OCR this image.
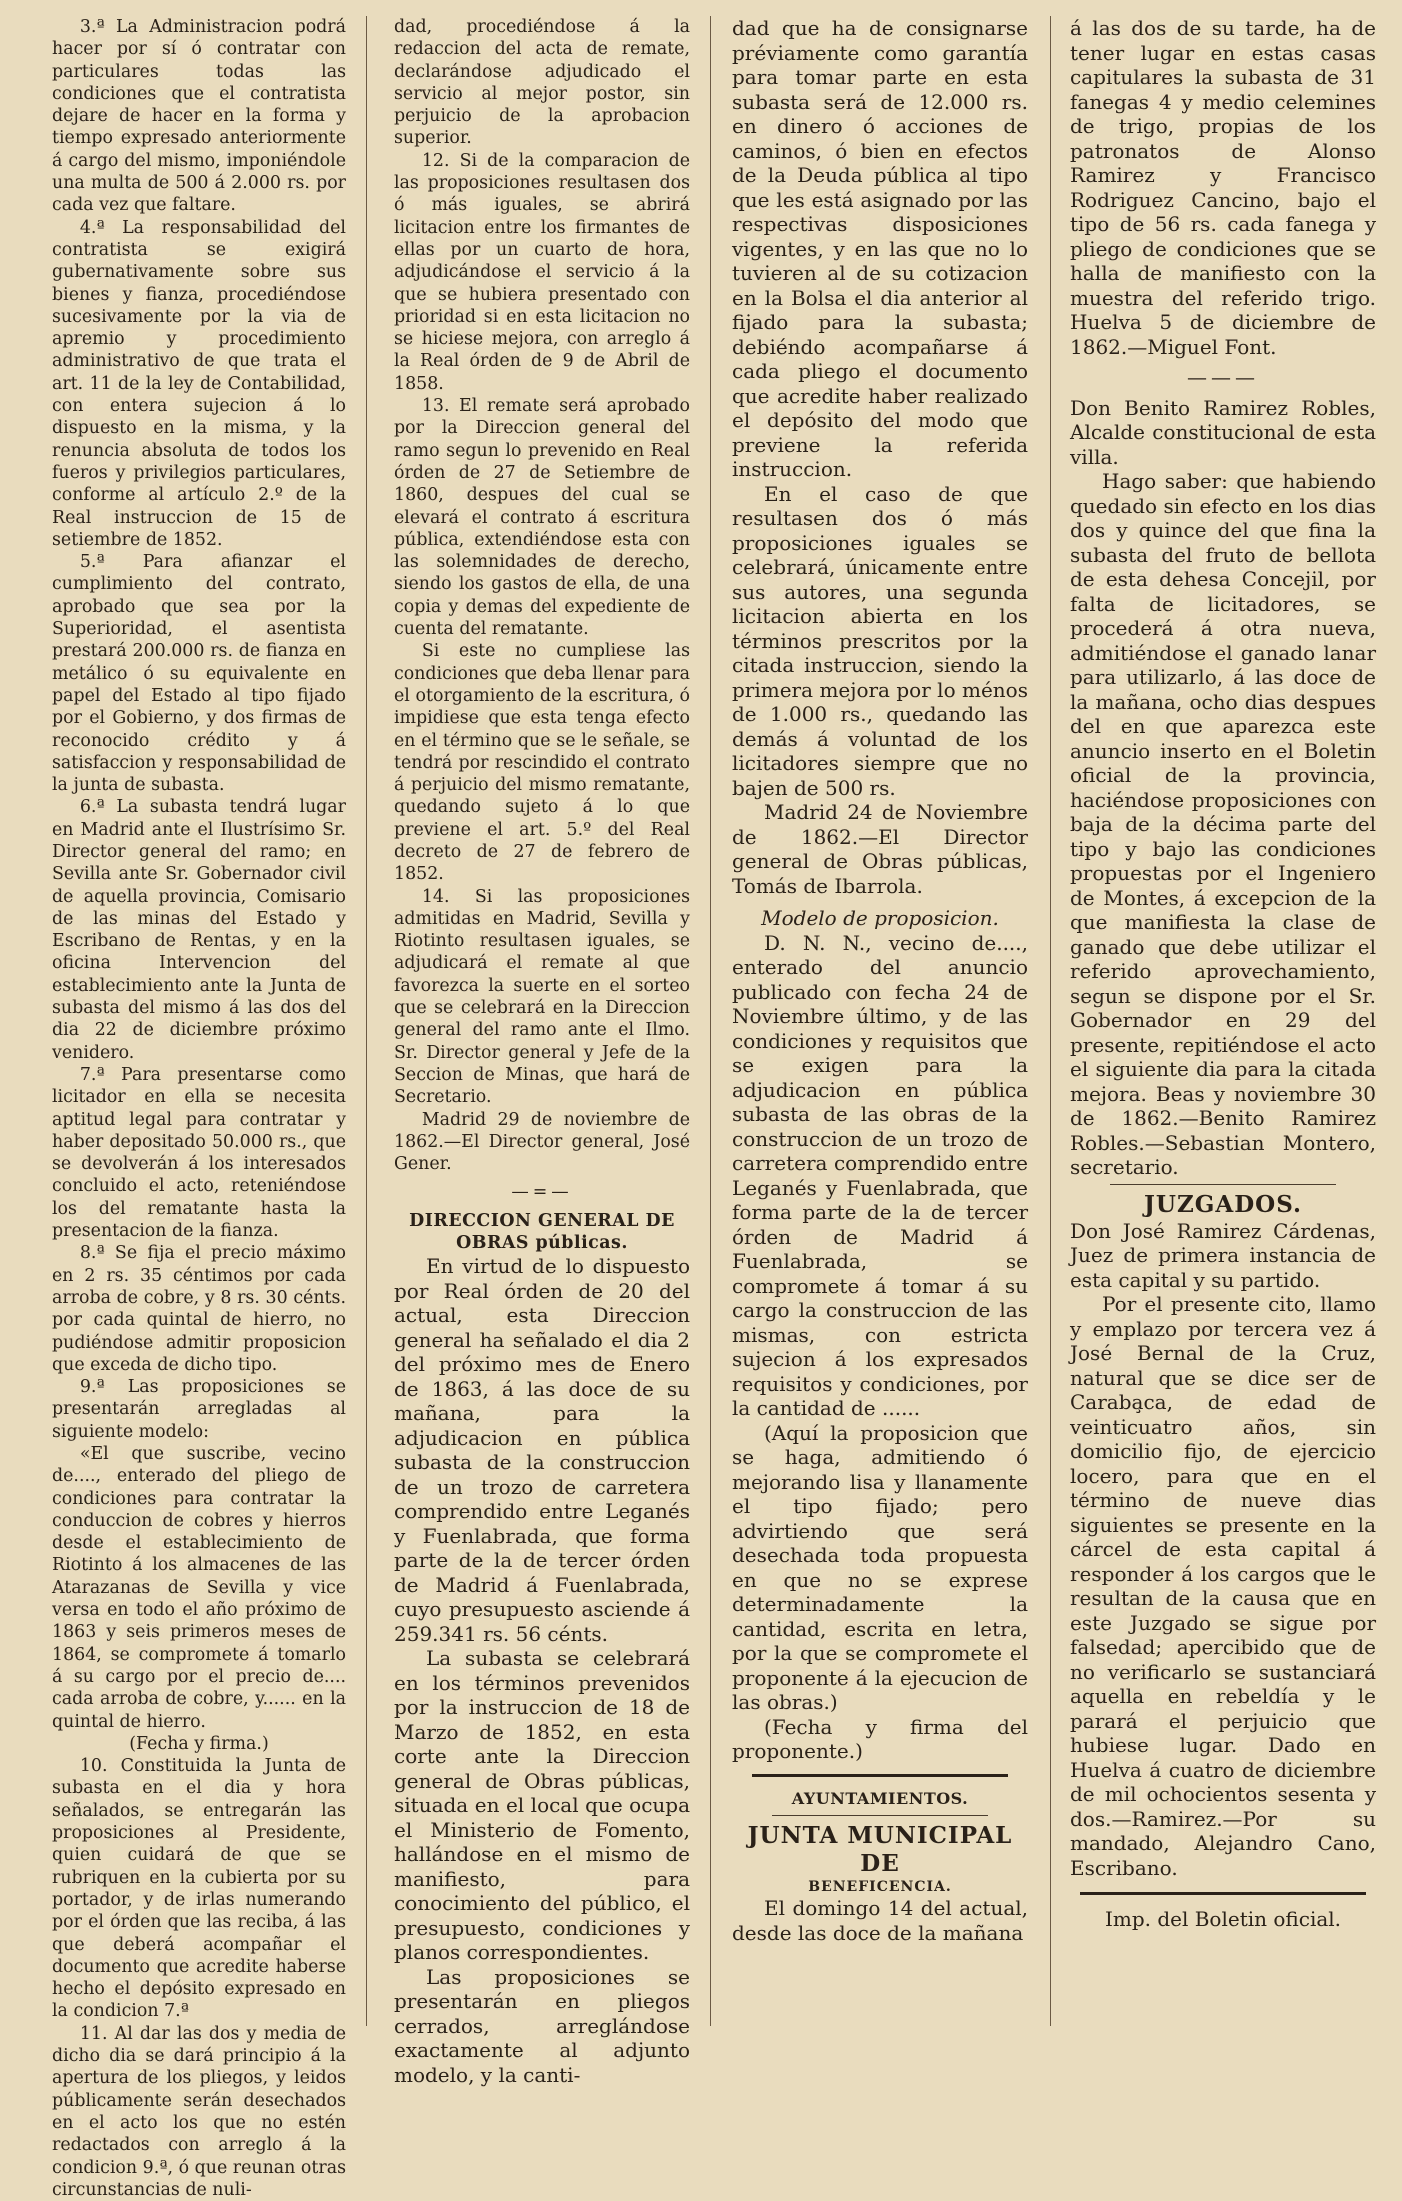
3.ª La Administracion podrá hacer por sí ó contratar con particulares todas las condiciones que el contratista dejare de hacer en la forma y tiempo expresado anteriormente á cargo del mismo, imponiéndole una multa de 500 á 2.000 rs. por cada vez que faltare.

4.ª La responsabilidad del contratista se exigirá gubernativamente sobre sus bienes y fianza, procediéndose sucesivamente por la via de apremio y procedimiento administrativo de que trata el art. 11 de la ley de Contabilidad, con entera sujecion á lo dispuesto en la misma, y la renuncia absoluta de todos los fueros y privilegios particulares, conforme al artículo 2.º de la Real instruccion de 15 de setiembre de 1852.

5.ª Para afianzar el cumplimiento del contrato, aprobado que sea por la Superioridad, el asentista prestará 200.000 rs. de fianza en metálico ó su equivalente en papel del Estado al tipo fijado por el Gobierno, y dos firmas de reconocido crédito y á satisfaccion y responsabilidad de la junta de subasta.

6.ª La subasta tendrá lugar en Madrid ante el Ilustrísimo Sr. Director general del ramo; en Sevilla ante Sr. Gobernador civil de aquella provincia, Comisario de las minas del Estado y Escribano de Rentas, y en la oficina Intervencion del establecimiento ante la Junta de subasta del mismo á las dos del dia 22 de diciembre próximo venidero.

7.ª Para presentarse como licitador en ella se necesita aptitud legal para contratar y haber depositado 50.000 rs., que se devolverán á los interesados concluido el acto, reteniéndose los del rematante hasta la presentacion de la fianza.

8.ª Se fija el precio máximo en 2 rs. 35 céntimos por cada arroba de cobre, y 8 rs. 30 cénts. por cada quintal de hierro, no pudiéndose admitir proposicion que exceda de dicho tipo.

9.ª Las proposiciones se presentarán arregladas al siguiente modelo:

«El que suscribe, vecino de...., enterado del pliego de condiciones para contratar la conduccion de cobres y hierros desde el establecimiento de Riotinto á los almacenes de las Atarazanas de Sevilla y vice versa en todo el año próximo de 1863 y seis primeros meses de 1864, se compromete á tomarlo á su cargo por el precio de.... cada arroba de cobre, y...... en la quintal de hierro.

(Fecha y firma.)

10. Constituida la Junta de subasta en el dia y hora señalados, se entregarán las proposiciones al Presidente, quien cuidará de que se rubriquen en la cubierta por su portador, y de irlas numerando por el órden que las reciba, á las que deberá acompañar el documento que acredite haberse hecho el depósito expresado en la condicion 7.ª

11. Al dar las dos y media de dicho dia se dará principio á la apertura de los pliegos, y leidos públicamente serán desechados en el acto los que no estén redactados con arreglo á la condicion 9.ª, ó que reunan otras circunstancias de nuli-

dad, procediéndose á la redaccion del acta de remate, declarándose adjudicado el servicio al mejor postor, sin perjuicio de la aprobacion superior.

12. Si de la comparacion de las proposiciones resultasen dos ó más iguales, se abrirá licitacion entre los firmantes de ellas por un cuarto de hora, adjudicándose el servicio á la que se hubiera presentado con prioridad si en esta licitacion no se hiciese mejora, con arreglo á la Real órden de 9 de Abril de 1858.

13. El remate será aprobado por la Direccion general del ramo segun lo prevenido en Real órden de 27 de Setiembre de 1860, despues del cual se elevará el contrato á escritura pública, extendiéndose esta con las solemnidades de derecho, siendo los gastos de ella, de una copia y demas del expediente de cuenta del rematante.

Si este no cumpliese las condiciones que deba llenar para el otorgamiento de la escritura, ó impidiese que esta tenga efecto en el término que se le señale, se tendrá por rescindido el contrato á perjuicio del mismo rematante, quedando sujeto á lo que previene el art. 5.º del Real decreto de 27 de febrero de 1852.

14. Si las proposiciones admitidas en Madrid, Sevilla y Riotinto resultasen iguales, se adjudicará el remate al que favorezca la suerte en el sorteo que se celebrará en la Direccion general del ramo ante el Ilmo. Sr. Director general y Jefe de la Seccion de Minas, que hará de Secretario.

Madrid 29 de noviembre de 1862.—El Director general, José Gener.

—=—

DIRECCION GENERAL DE OBRAS públicas.

En virtud de lo dispuesto por Real órden de 20 del actual, esta Direccion general ha señalado el dia 2 del próximo mes de Enero de 1863, á las doce de su mañana, para la adjudicacion en pública subasta de la construccion de un trozo de carretera comprendido entre Leganés y Fuenlabrada, que forma parte de la de tercer órden de Madrid á Fuenlabrada, cuyo presupuesto asciende á 259.341 rs. 56 cénts.

La subasta se celebrará en los términos prevenidos por la instruccion de 18 de Marzo de 1852, en esta corte ante la Direccion general de Obras públicas, situada en el local que ocupa el Ministerio de Fomento, hallándose en el mismo de manifiesto, para conocimiento del público, el presupuesto, condiciones y planos correspondientes.

Las proposiciones se presentarán en pliegos cerrados, arreglándose exactamente al adjunto modelo, y la canti-

dad que ha de consignarse préviamente como garantía para tomar parte en esta subasta será de 12.000 rs. en dinero ó acciones de caminos, ó bien en efectos de la Deuda pública al tipo que les está asignado por las respectivas disposiciones vigentes, y en las que no lo tuvieren al de su cotizacion en la Bolsa el dia anterior al fijado para la subasta; debiéndo acompañarse á cada pliego el documento que acredite haber realizado el depósito del modo que previene la referida instruccion.

En el caso de que resultasen dos ó más proposiciones iguales se celebrará, únicamente entre sus autores, una segunda licitacion abierta en los términos prescritos por la citada instruccion, siendo la primera mejora por lo ménos de 1.000 rs., quedando las demás á voluntad de los licitadores siempre que no bajen de 500 rs.

Madrid 24 de Noviembre de 1862.—El Director general de Obras públicas, Tomás de Ibarrola.

Modelo de proposicion.

D. N. N., vecino de...., enterado del anuncio publicado con fecha 24 de Noviembre último, y de las condiciones y requisitos que se exigen para la adjudicacion en pública subasta de las obras de la construccion de un trozo de carretera comprendido entre Leganés y Fuenlabrada, que forma parte de la de tercer órden de Madrid á Fuenlabrada, se compromete á tomar á su cargo la construccion de las mismas, con estricta sujecion á los expresados requisitos y condiciones, por la cantidad de ......

(Aquí la proposicion que se haga, admitiendo ó mejorando lisa y llanamente el tipo fijado; pero advirtiendo que será desechada toda propuesta en que no se exprese determinadamente la cantidad, escrita en letra, por la que se compromete el proponente á la ejecucion de las obras.)

(Fecha y firma del proponente.)

AYUNTAMIENTOS.

JUNTA MUNICIPAL DE

BENEFICENCIA.

El domingo 14 del actual, desde las doce de la mañana

á las dos de su tarde, ha de tener lugar en estas casas capitulares la subasta de 31 fanegas 4 y medio celemines de trigo, propias de los patronatos de Alonso Ramirez y Francisco Rodriguez Cancino, bajo el tipo de 56 rs. cada fanega y pliego de condiciones que se halla de manifiesto con la muestra del referido trigo. Huelva 5 de diciembre de 1862.—Miguel Font.

———

Don Benito Ramirez Robles, Alcalde constitucional de esta villa.

Hago saber: que habiendo quedado sin efecto en los dias dos y quince del que fina la subasta del fruto de bellota de esta dehesa Concejil, por falta de licitadores, se procederá á otra nueva, admitiéndose el ganado lanar para utilizarlo, á las doce de la mañana, ocho dias despues del en que aparezca este anuncio inserto en el Boletin oficial de la provincia, haciéndose proposiciones con baja de la décima parte del tipo y bajo las condiciones propuestas por el Ingeniero de Montes, á excepcion de la que manifiesta la clase de ganado que debe utilizar el referido aprovechamiento, segun se dispone por el Sr. Gobernador en 29 del presente, repitiéndose el acto el siguiente dia para la citada mejora. Beas y noviembre 30 de 1862.—Benito Ramirez Robles.—Sebastian Montero, secretario.

JUZGADOS.

Don José Ramirez Cárdenas, Juez de primera instancia de esta capital y su partido.

Por el presente cito, llamo y emplazo por tercera vez á José Bernal de la Cruz, natural que se dice ser de Caraba̧ca, de edad de veinticuatro años, sin domicilio fijo, de ejercicio locero, para que en el término de nueve dias siguientes se presente en la cárcel de esta capital á responder á los cargos que le resultan de la causa que en este Juzgado se sigue por falsedad; apercibido que de no verificarlo se sustanciará aquella en rebeldía y le parará el perjuicio que hubiese lugar. Dado en Huelva á cuatro de diciembre de mil ochocientos sesenta y dos.—Ramirez.—Por su mandado, Alejandro Cano, Escribano.

Imp. del Boletin oficial.
